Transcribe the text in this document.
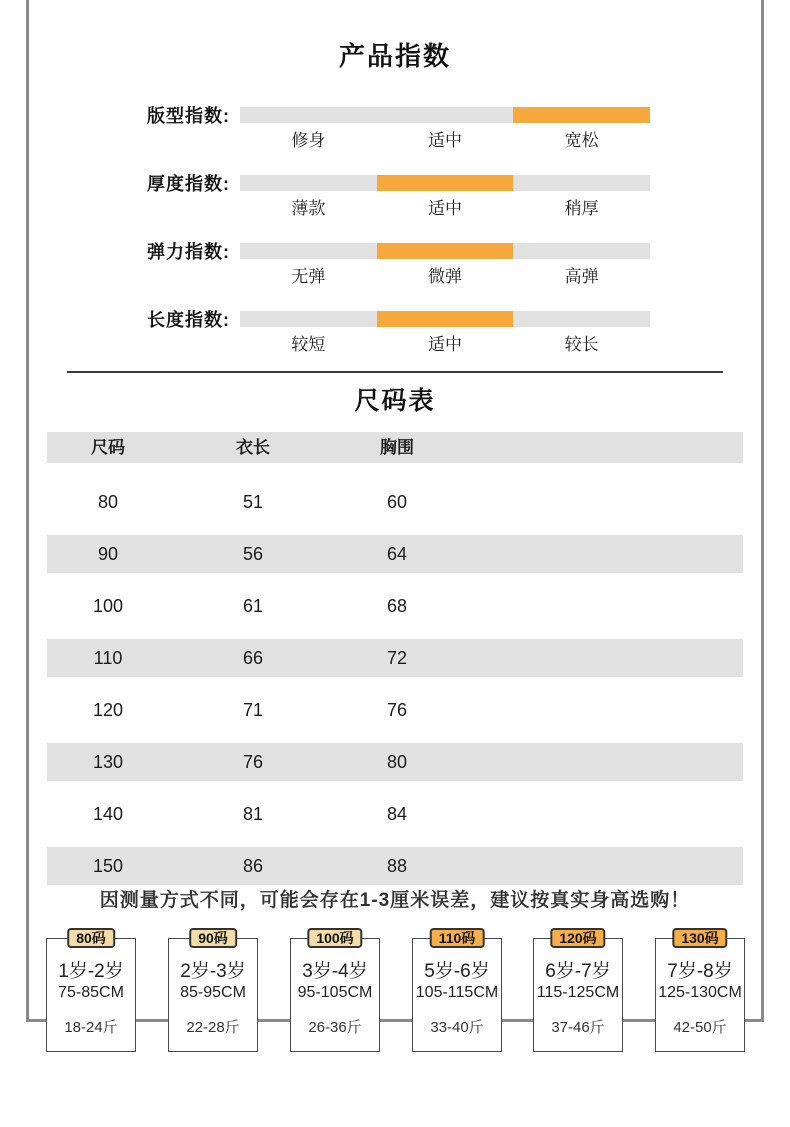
产品指数
版型指数:
修身	适中	宽松
厚度指数:
薄款	适中	稍厚
弹力指数:
无弹	微弹	高弹
长度指数:
较短	适中	较长
尺码表
尺码	衣长	胸围
80	51	60
90	56	64
100	61	68
110	66	72
120	71	76
130	76	80
140	81	84
150	86	88
因测量方式不同，可能会存在1-3厘米误差，建议按真实身高选购！
80码
1岁-2岁
75-85CM
18-24斤
90码
2岁-3岁
85-95CM
22-28斤
100码
3岁-4岁
95-105CM
26-36斤
110码
5岁-6岁
105-115CM
33-40斤
120码
6岁-7岁
115-125CM
37-46斤
130码
7岁-8岁
125-130CM
42-50斤
